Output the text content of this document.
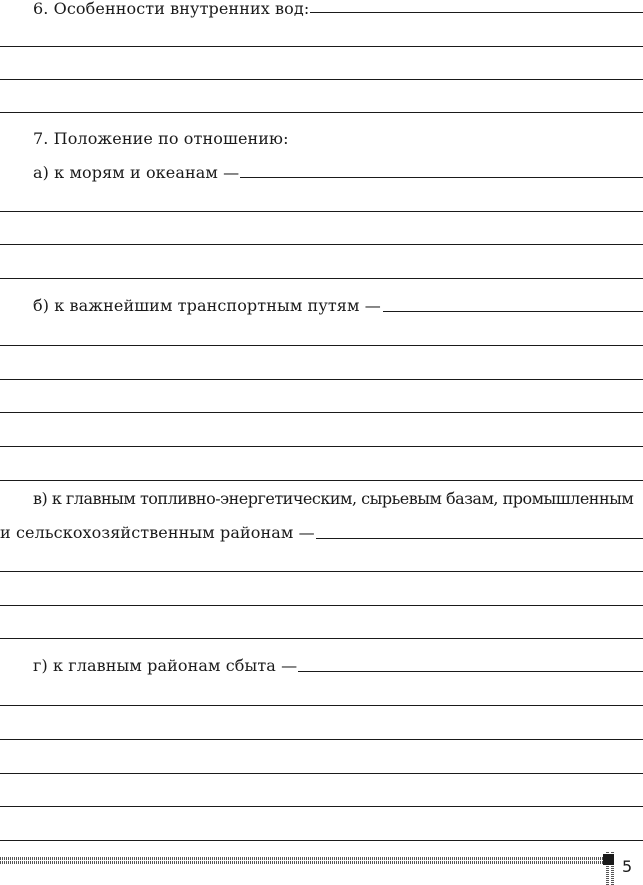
6. Особенности внутренних вод:
7. Положение по отношению:
а) к морям и океанам —
б) к важнейшим транспортным путям —
в) к главным топливно-энергетическим, сырьевым базам, промышленным
и сельскохозяйственным районам —
г) к главным районам сбыта —
5
